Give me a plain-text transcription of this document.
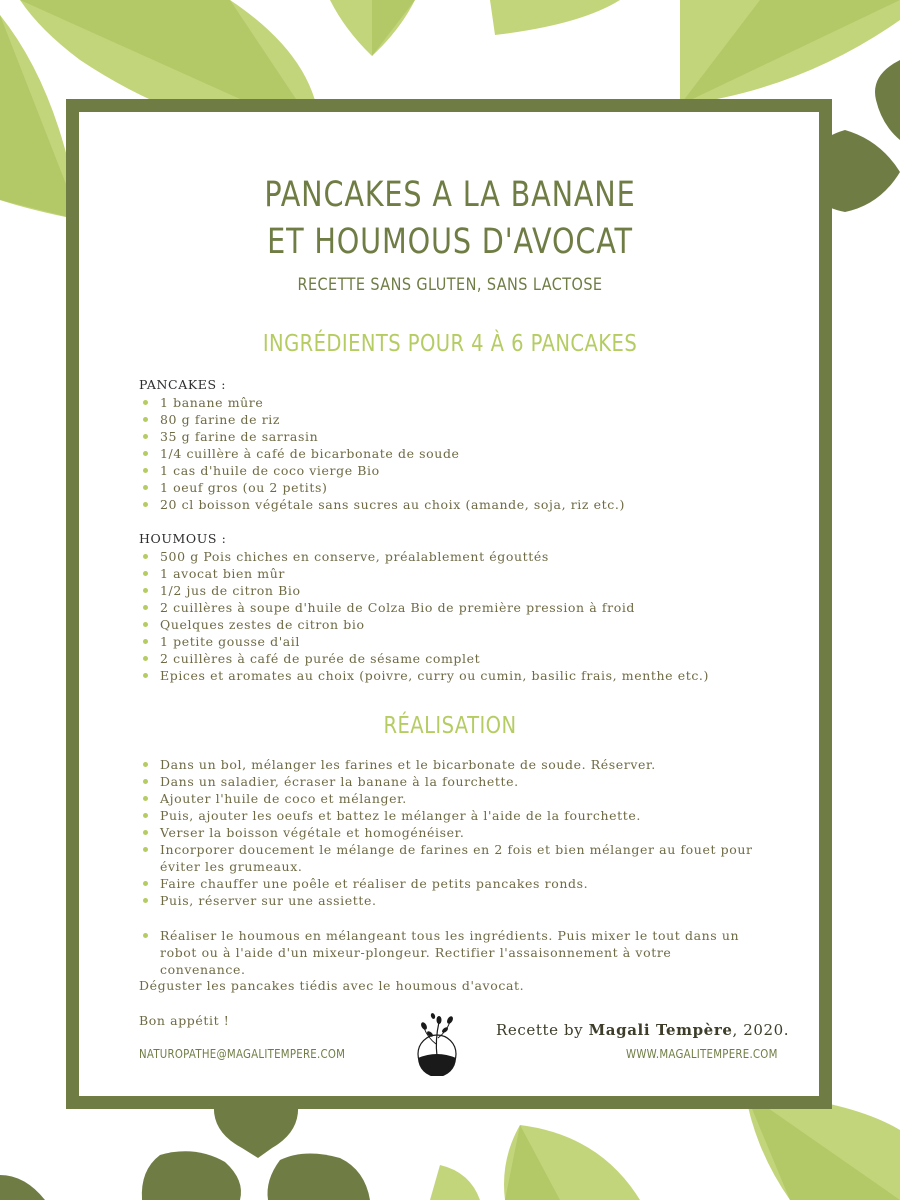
PANCAKES A LA BANANE
ET HOUMOUS D'AVOCAT
RECETTE SANS GLUTEN, SANS LACTOSE
INGRÉDIENTS POUR 4 À 6 PANCAKES
PANCAKES :
1 banane mûre
80 g farine de riz
35 g farine de sarrasin
1/4 cuillère à café de bicarbonate de soude
1 cas d'huile de coco vierge Bio
1 oeuf gros (ou 2 petits)
20 cl boisson végétale sans sucres au choix (amande, soja, riz etc.)
HOUMOUS :
500 g Pois chiches en conserve, préalablement égouttés
1 avocat bien mûr
1/2 jus de citron Bio
2 cuillères à soupe d'huile de Colza Bio de première pression à froid
Quelques zestes de citron bio
1 petite gousse d'ail
2 cuillères à café de purée de sésame complet
Epices et aromates au choix (poivre, curry ou cumin, basilic frais, menthe etc.)
RÉALISATION
Dans un bol, mélanger les farines et le bicarbonate de soude. Réserver.
Dans un saladier, écraser la banane à la fourchette.
Ajouter l'huile de coco et mélanger.
Puis, ajouter les oeufs et battez le mélanger à l'aide de la fourchette.
Verser la boisson végétale et homogénéiser.
Incorporer doucement le mélange de farines en 2 fois et bien mélanger au fouet pour éviter les grumeaux.
Faire chauffer une poêle et réaliser de petits pancakes ronds.
Puis, réserver sur une assiette.
Réaliser le houmous en mélangeant tous les ingrédients. Puis mixer le tout dans un robot ou à l'aide d'un mixeur-plongeur. Rectifier l'assaisonnement à votre convenance.
Déguster les pancakes tiédis avec le houmous d'avocat.
Bon appétit !
NATUROPATHE@MAGALITEMPERE.COM	WWW.MAGALITEMPERE.COM
Recette by Magali Tempère, 2020.
